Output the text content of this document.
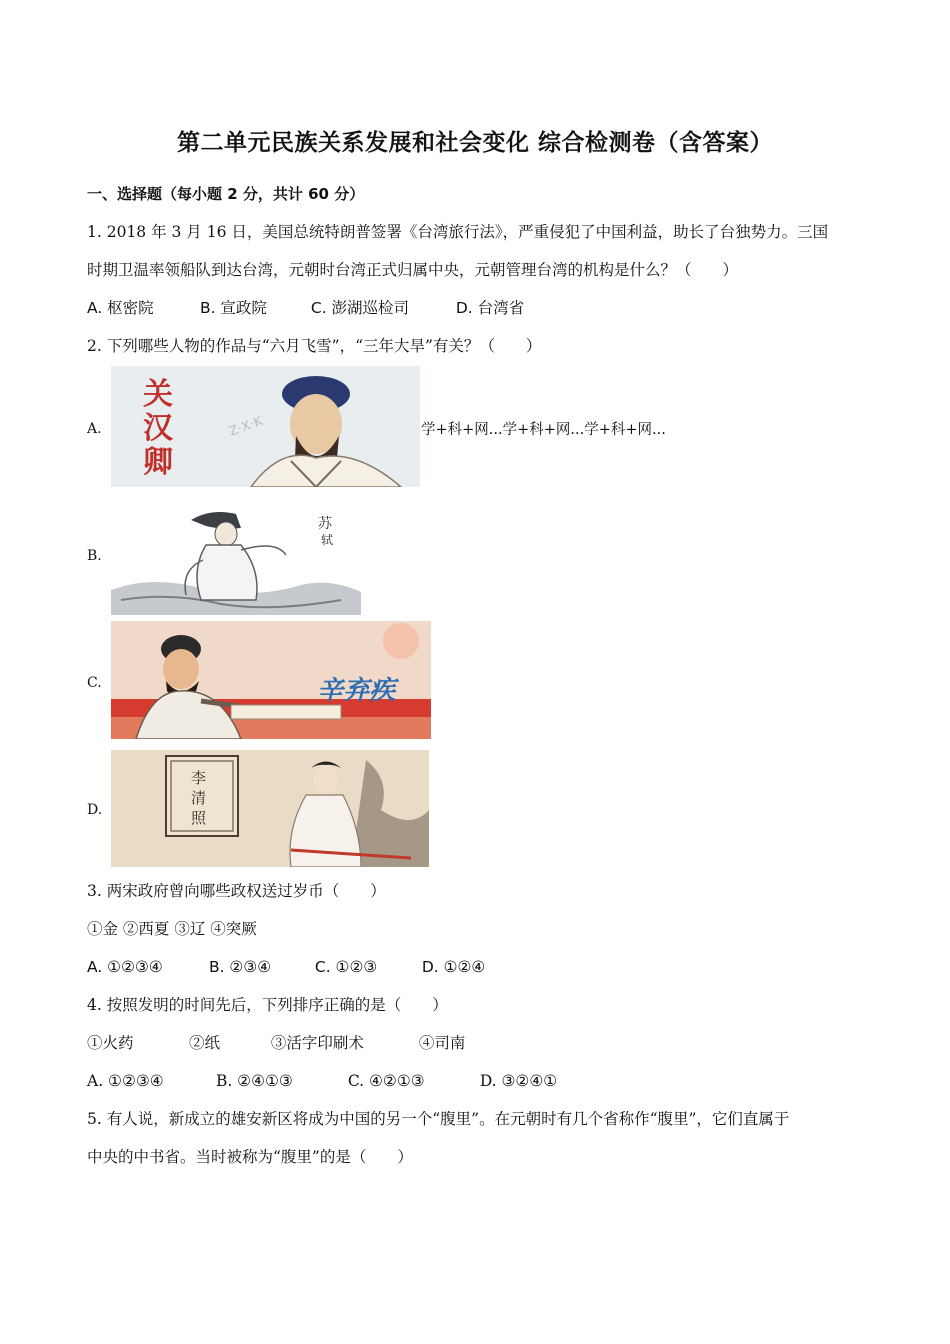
第二单元民族关系发展和社会变化 综合检测卷（含答案）
一、选择题（每小题 2 分，共计 60 分）
1. 2018 年 3 月 16 日，美国总统特朗普签署《台湾旅行法》，严重侵犯了中国利益，助长了台独势力。三国
时期卫温率领船队到达台湾，元朝时台湾正式归属中央，元朝管理台湾的机构是什么？（　　）
A. 枢密院	B. 宣政院	C. 澎湖巡检司	D. 台湾省
2. 下列哪些人物的作品与“六月飞雪”，“三年大旱”有关？（　　）
A.
关
汉
卿
Z·X·K	学+科+网...学+科+网...学+科+网...
B.
苏
轼
C.	辛弃疾
D.
李
清
照
3. 两宋政府曾向哪些政权送过岁币（　　）
①金 ②西夏 ③辽 ④突厥
A. ①②③④	B. ②③④	C. ①②③	D. ①②④
4. 按照发明的时间先后，下列排序正确的是（　　）
①火药	②纸	③活字印刷术	④司南
A. ①②③④	B. ②④①③	C. ④②①③	D. ③②④①
5. 有人说，新成立的雄安新区将成为中国的另一个“腹里”。在元朝时有几个省称作“腹里”，它们直属于
中央的中书省。当时被称为“腹里”的是（　　）
